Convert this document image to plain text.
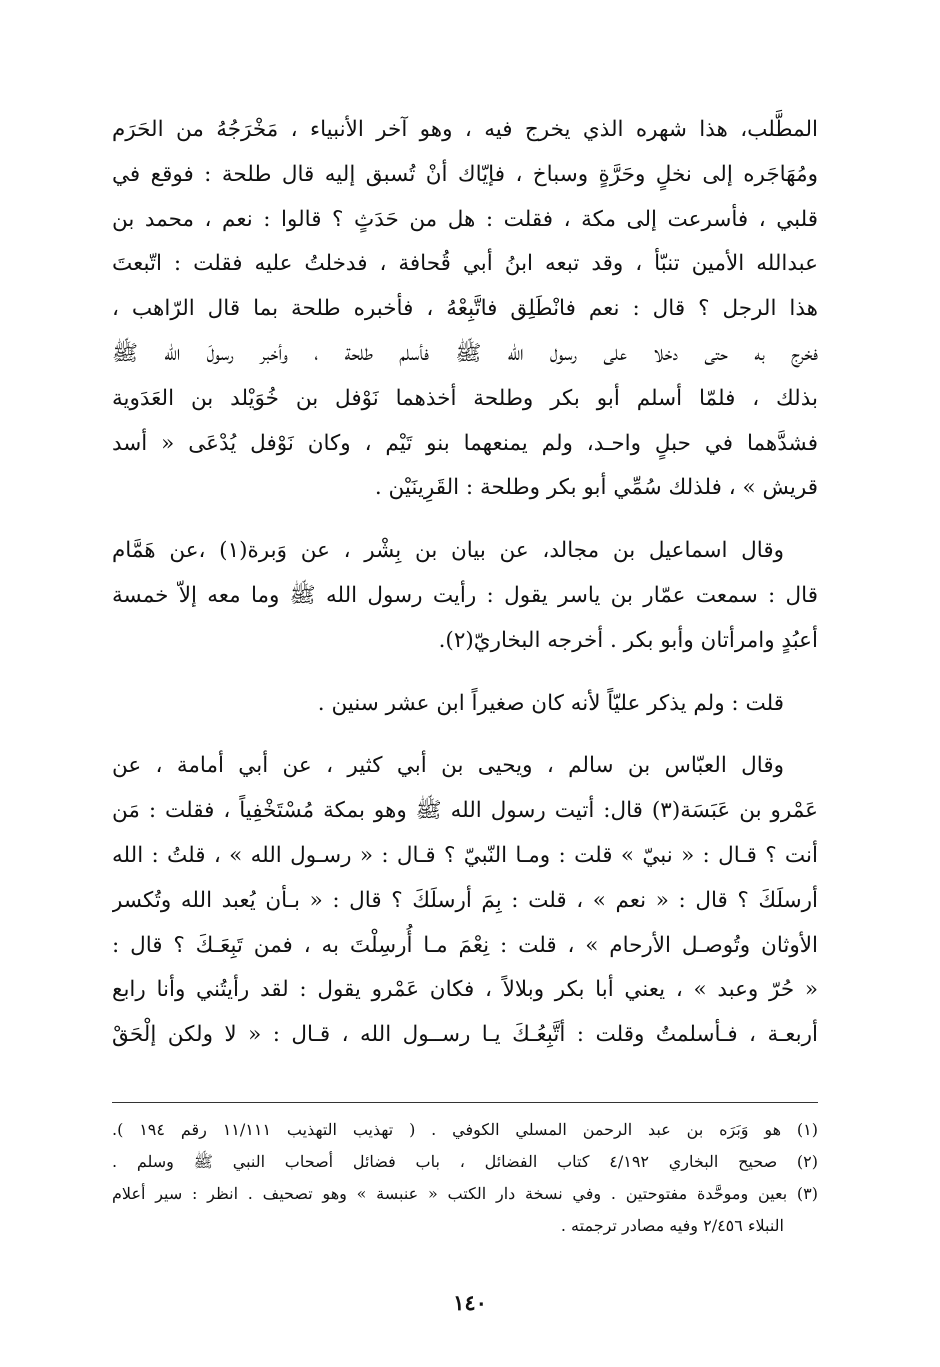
المطَّلب، هذا شهره الذي يخرج فيه ، وهو آخر الأنبياء ، مَخْرَجُهُ من الحَرَم
ومُهَاجَره إلى نخلٍ وحَرَّةٍ وسباخ ، فإيّاك أنْ تُسبق إليه قال طلحة : فوقع في
قلبي ، فأسرعت إلى مكة ، فقلت : هل من حَدَثٍ ؟ قالوا : نعم ، محمد بن
عبدالله الأمين تنبّأ ، وقد تبعه ابنُ أبي قُحافة ، فدخلتُ عليه فقلت : اتّبعتَ
هذا الرجل ؟ قال : نعم فانْطَلِق فاتَّبِعْهُ ، فأخبره طلحة بما قال الرّاهب ،
فخرج به حتى دخلا على رسول الله ﷺ فأسلم طلحة ، وأخبر رسولَ الله ﷺ
بذلك ، فلمّا أسلم أبو بكر وطلحة أخذهما نَوْفل بن خُوَيْلد بن العَدَوية
فشدَّهما في حبلٍ واحـد، ولم يمنعهما بنو تَيْم ، وكان نَوْفل يُدْعَى « أسد
قريش » ، فلذلك سُمِّي أبو بكر وطلحة : القَرِينَيْن .
وقال اسماعيل بن مجالد، عن بيان بن بِشْر ، عن وَبرة(١) ،عن هَمَّام
قال : سمعت عمّار بن ياسر يقول : رأيت رسول الله ﷺ وما معه إلاّ خمسة
أعبُدٍ وامرأتان وأبو بكر . أخرجه البخاريّ(٢).
قلت : ولم يذكر عليّاً لأنه كان صغيراً ابن عشر سنين .
وقال العبّاس بن سالم ، ويحيى بن أبي كثير ، عن أبي أمامة ، عن
عَمْرو بن عَبَسَة(٣) قال: أتيت رسول الله ﷺ وهو بمكة مُسْتَخْفِياً ، فقلت : مَن
أنت ؟ قـال : « نبيّ » قلت : ومـا النّبيّ ؟ قـال : « رسـول الله » ، قلتُ : الله
أرسلَكَ ؟ قال : « نعم » ، قلت : بِمَ أرسلَكَ ؟ قال : « بـأن يُعبد الله وتُكسر
الأوثان وتُوصـل الأرحام » ، قلت : نِعْمَ مـا أُرسِلْتَ به ، فمن تَبِعَـكَ ؟ قال :
« حُرّ وعبد » ، يعني أبا بكر وبلالاً ، فكان عَمْرو يقول : لقد رأيتُني وأنا رابع
أربعـة ، فـأسلمتُ وقلت : أتَّبِعُـكَ يـا رســول الله ، قـال : « لا ولكن إلْحَقْ
(١) هو وَبَرَه بن عبد الرحمن المسلي الكوفي . ( تهذيب التهذيب ١١/١١١ رقم ١٩٤ ).
(٢) صحيح البخاري ٤/١٩٢ كتاب الفضائل ، باب فضائل أصحاب النبي ﷺ وسلم .
(٣) بعين وموحَّدة مفتوحتين . وفي نسخة دار الكتب « عنبسة » وهو تصحيف . انظر : سير أعلام
النبلاء ٢/٤٥٦ وفيه مصادر ترجمته .
١٤٠
